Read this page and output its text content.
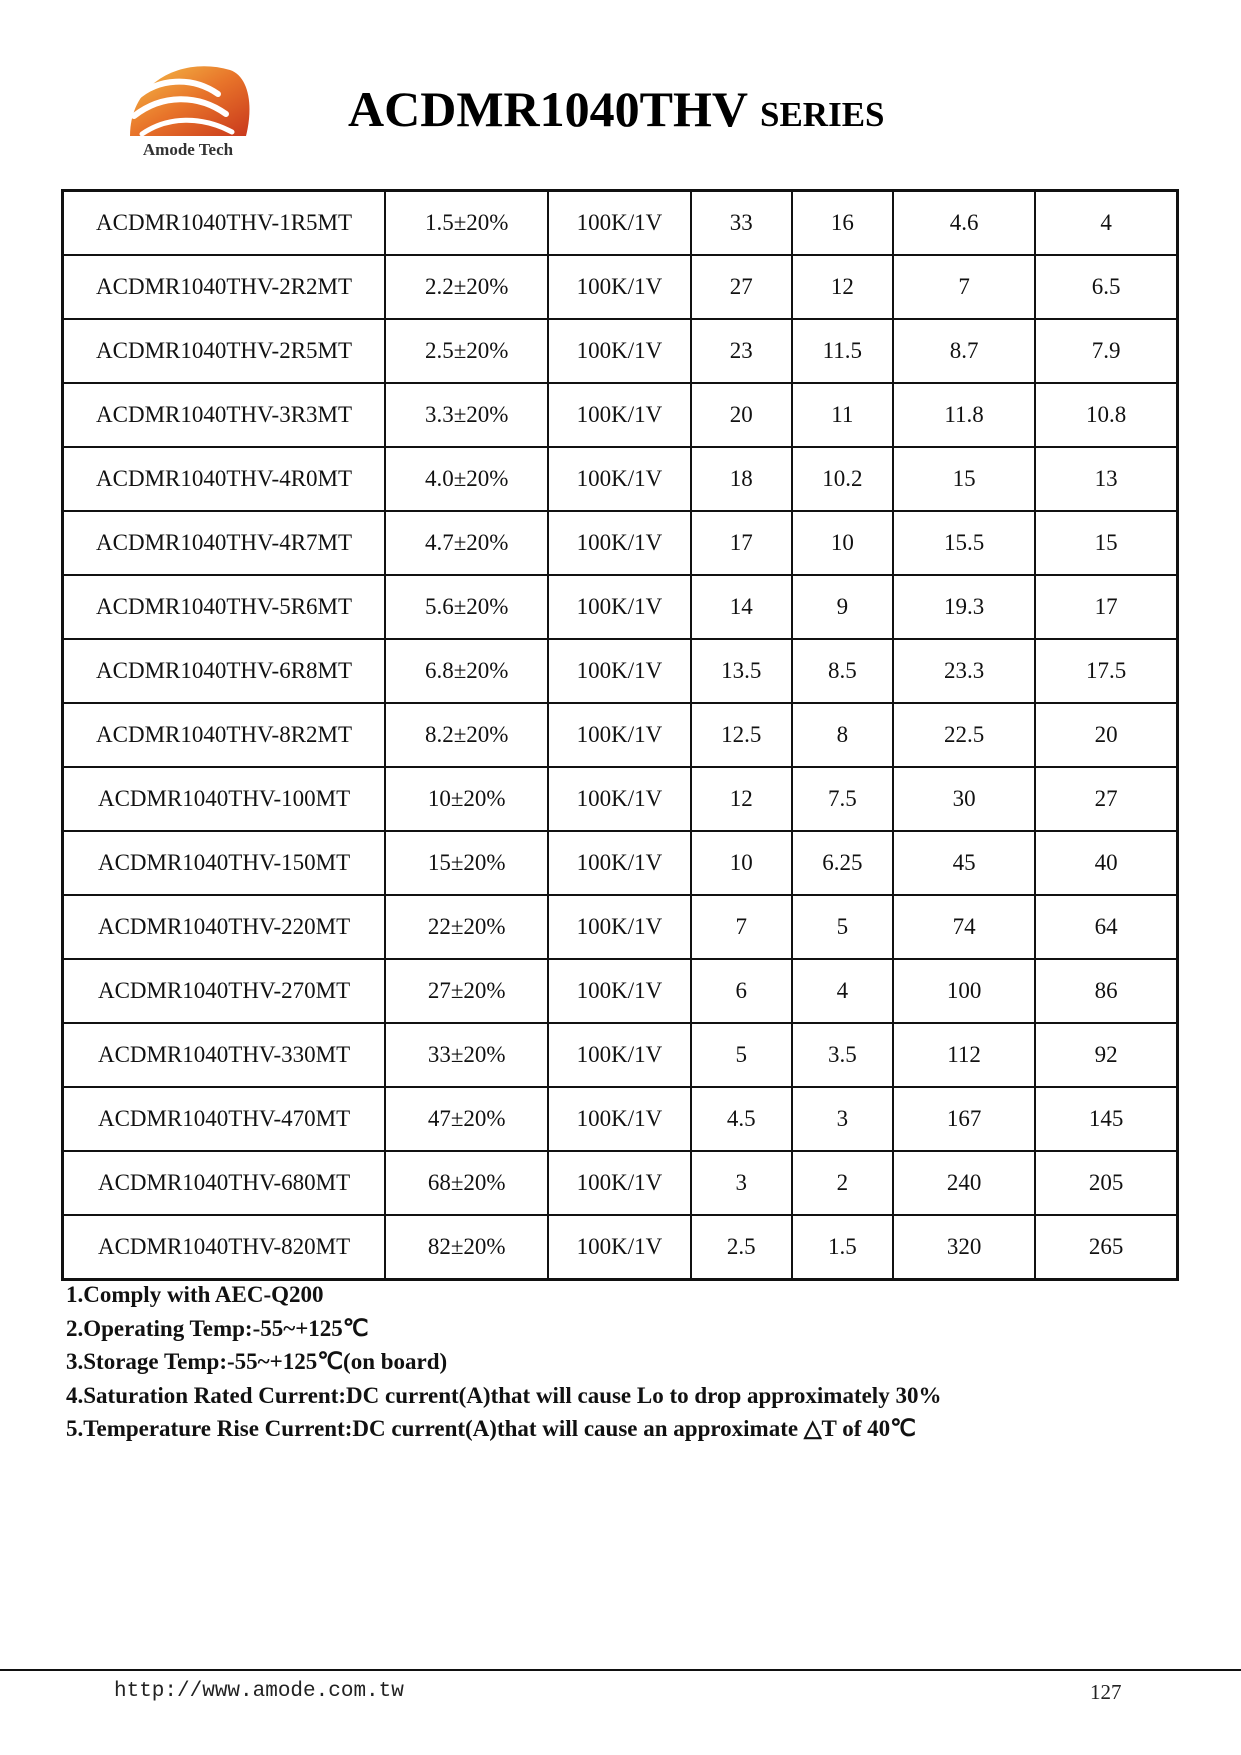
Amode Tech
ACDMR1040THV SERIES
ACDMR1040THV-1R5MT	1.5±20%	100K/1V	33	16	4.6	4
ACDMR1040THV-2R2MT	2.2±20%	100K/1V	27	12	7	6.5
ACDMR1040THV-2R5MT	2.5±20%	100K/1V	23	11.5	8.7	7.9
ACDMR1040THV-3R3MT	3.3±20%	100K/1V	20	11	11.8	10.8
ACDMR1040THV-4R0MT	4.0±20%	100K/1V	18	10.2	15	13
ACDMR1040THV-4R7MT	4.7±20%	100K/1V	17	10	15.5	15
ACDMR1040THV-5R6MT	5.6±20%	100K/1V	14	9	19.3	17
ACDMR1040THV-6R8MT	6.8±20%	100K/1V	13.5	8.5	23.3	17.5
ACDMR1040THV-8R2MT	8.2±20%	100K/1V	12.5	8	22.5	20
ACDMR1040THV-100MT	10±20%	100K/1V	12	7.5	30	27
ACDMR1040THV-150MT	15±20%	100K/1V	10	6.25	45	40
ACDMR1040THV-220MT	22±20%	100K/1V	7	5	74	64
ACDMR1040THV-270MT	27±20%	100K/1V	6	4	100	86
ACDMR1040THV-330MT	33±20%	100K/1V	5	3.5	112	92
ACDMR1040THV-470MT	47±20%	100K/1V	4.5	3	167	145
ACDMR1040THV-680MT	68±20%	100K/1V	3	2	240	205
ACDMR1040THV-820MT	82±20%	100K/1V	2.5	1.5	320	265
1.Comply with AEC-Q200
2.Operating Temp:-55~+125℃
3.Storage Temp:-55~+125℃(on board)
4.Saturation Rated Current:DC current(A)that will cause Lo to drop approximately 30%
5.Temperature Rise Current:DC current(A)that will cause an approximate △T of 40℃
http://www.amode.com.tw	127
